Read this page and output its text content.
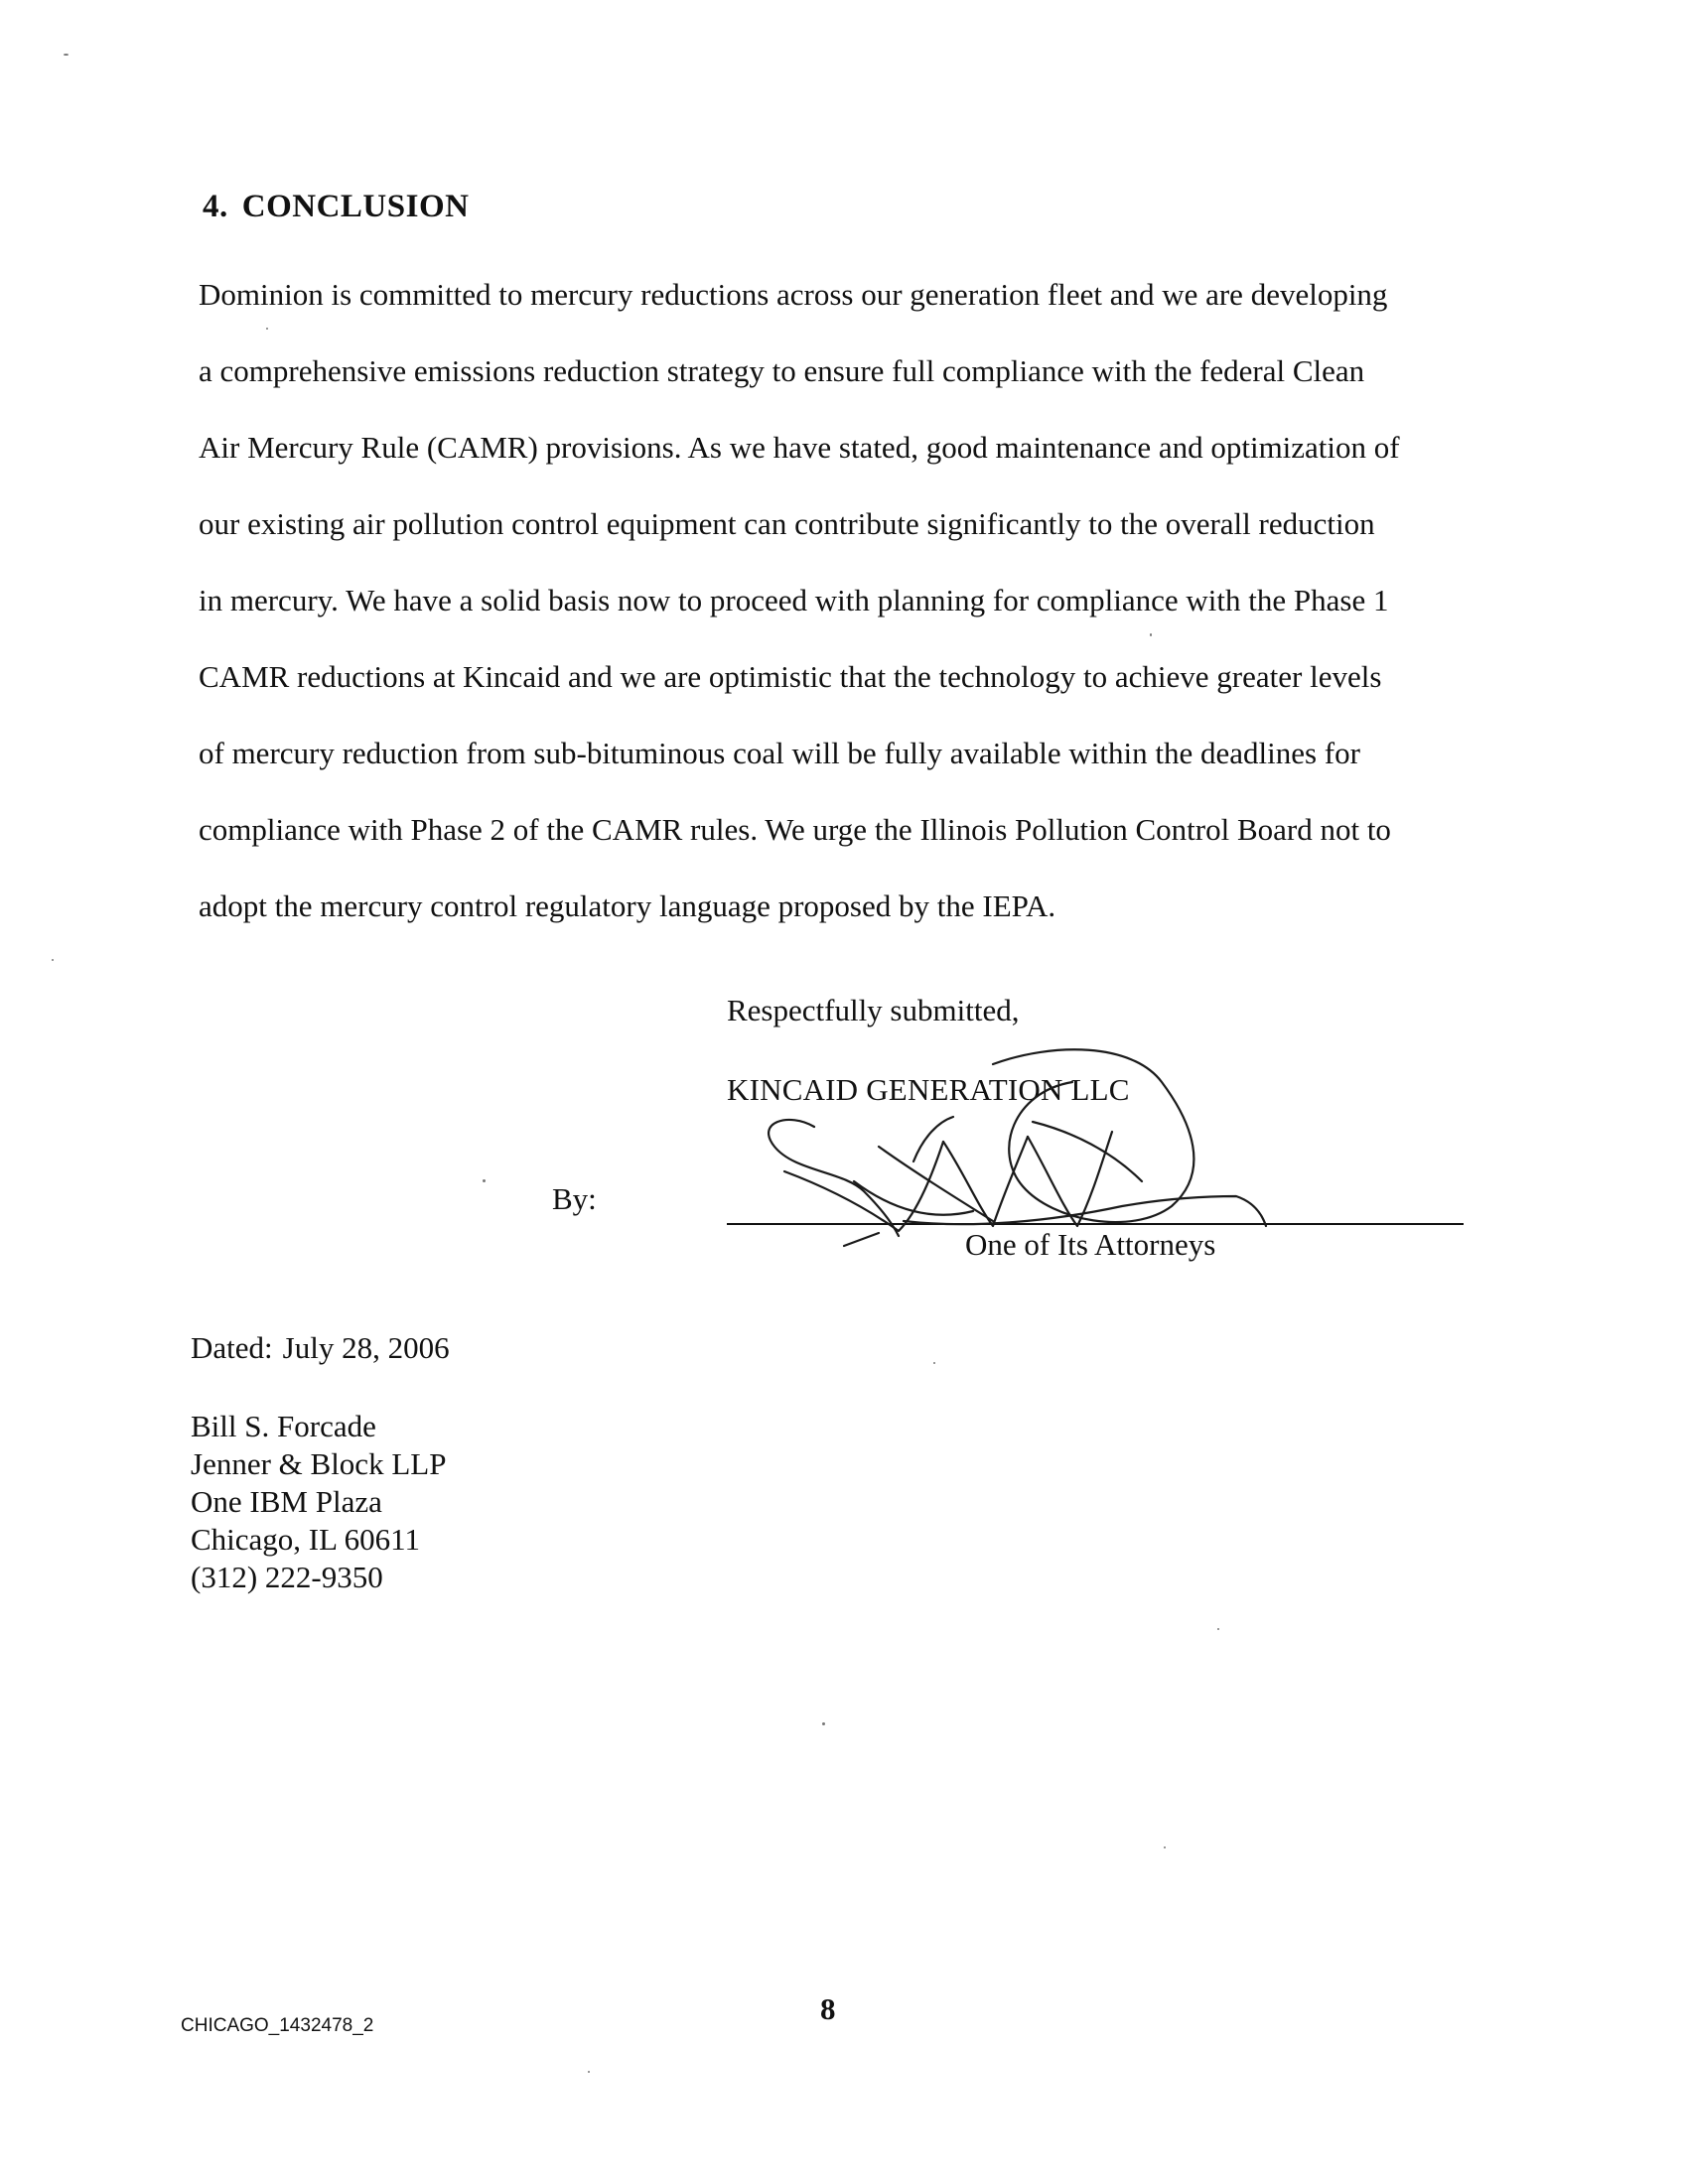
4. CONCLUSION
Dominion is committed to mercury reductions across our generation fleet and we are developing
a comprehensive emissions reduction strategy to ensure full compliance with the federal Clean
Air Mercury Rule (CAMR) provisions. As we have stated, good maintenance and optimization of
our existing air pollution control equipment can contribute significantly to the overall reduction
in mercury. We have a solid basis now to proceed with planning for compliance with the Phase 1
CAMR reductions at Kincaid and we are optimistic that the technology to achieve greater levels
of mercury reduction from sub-bituminous coal will be fully available within the deadlines for
compliance with Phase 2 of the CAMR rules. We urge the Illinois Pollution Control Board not to
adopt the mercury control regulatory language proposed by the IEPA.
Respectfully submitted,
KINCAID GENERATION LLC
By:
One of Its Attorneys
Dated: July 28, 2006
Bill S. Forcade
Jenner & Block LLP
One IBM Plaza
Chicago, IL 60611
(312) 222-9350
8
CHICAGO_1432478_2
